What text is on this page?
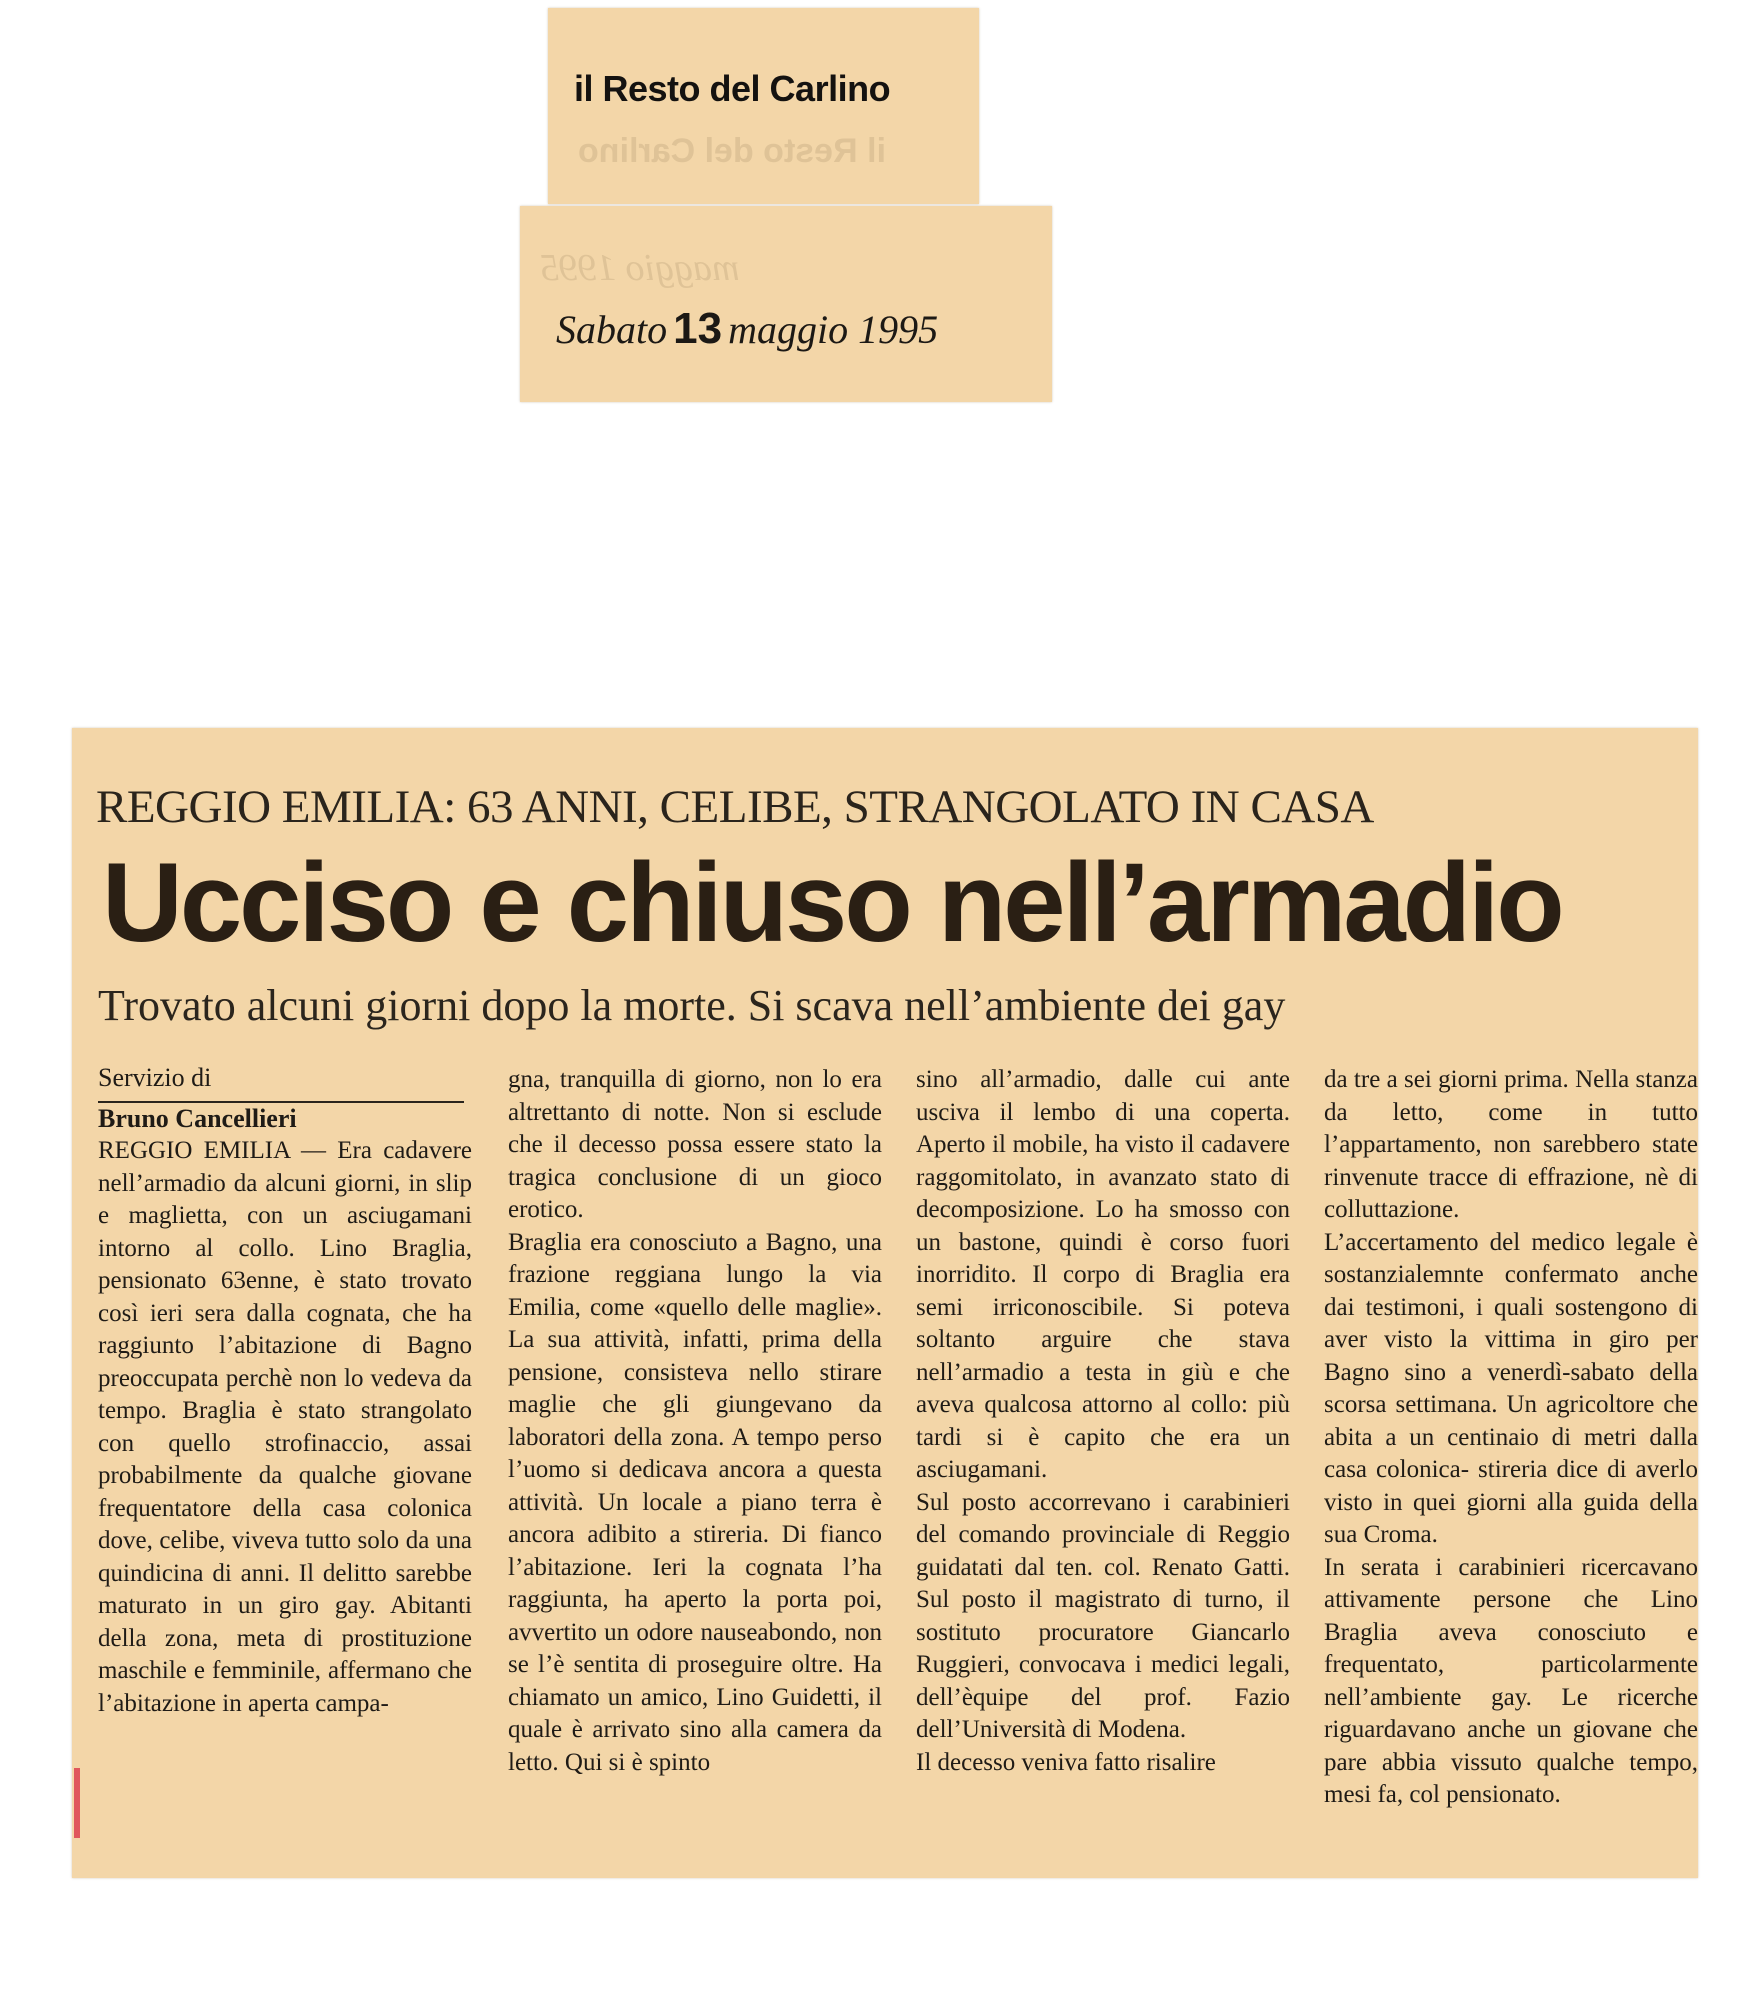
il Resto del Carlino
il Resto del Carlino
maggio 1995
Sabato 13 maggio 1995
REGGIO EMILIA: 63 ANNI, CELIBE, STRANGOLATO IN CASA
Ucciso e chiuso nell’armadio
Trovato alcuni giorni dopo la morte. Si scava nell’ambiente dei gay

Servizio di

Bruno Cancellieri

REGGIO EMILIA — Era cadavere nell’armadio da alcuni giorni, in slip e maglietta, con un asciugamani intorno al collo. Lino Braglia, pensionato 63enne, è stato trovato così ieri sera dalla cognata, che ha raggiunto l’abitazione di Bagno preoccupata perchè non lo vedeva da tempo. Braglia è stato strangolato con quello strofinaccio, assai probabilmente da qualche giovane frequentatore della casa colonica dove, celibe, viveva tutto solo da una quindicina di anni. Il delitto sarebbe maturato in un giro gay. Abitanti della zona, meta di prostituzione maschile e femminile, affermano che l’abitazione in aperta campa-

gna, tranquilla di giorno, non lo era altrettanto di notte. Non si esclude che il decesso possa essere stato la tragica conclusione di un gioco erotico.

Braglia era conosciuto a Bagno, una frazione reggiana lungo la via Emilia, come «quello delle maglie». La sua attività, infatti, prima della pensione, consisteva nello stirare maglie che gli giungevano da laboratori della zona. A tempo perso l’uomo si dedicava ancora a questa attività. Un locale a piano terra è ancora adibito a stireria. Di fianco l’abitazione. Ieri la cognata l’ha raggiunta, ha aperto la porta poi, avvertito un odore nauseabondo, non se l’è sentita di proseguire oltre. Ha chiamato un amico, Lino Guidetti, il quale è arrivato sino alla camera da letto. Qui si è spinto

sino all’armadio, dalle cui ante usciva il lembo di una coperta. Aperto il mobile, ha visto il cadavere raggomitolato, in avanzato stato di decomposizione. Lo ha smosso con un bastone, quindi è corso fuori inorridito. Il corpo di Braglia era semi irriconoscibile. Si poteva soltanto arguire che stava nell’armadio a testa in giù e che aveva qualcosa attorno al collo: più tardi si è capito che era un asciugamani.

Sul posto accorrevano i carabinieri del comando provinciale di Reggio guidatati dal ten. col. Renato Gatti. Sul posto il magistrato di turno, il sostituto procuratore Giancarlo Ruggieri, convocava i medici legali, dell’èquipe del prof. Fazio dell’Università di Modena.

Il decesso veniva fatto risalire

da tre a sei giorni prima. Nella stanza da letto, come in tutto l’appartamento, non sarebbero state rinvenute tracce di effrazione, nè di colluttazione.

L’accertamento del medico legale è sostanzialemnte confermato anche dai testimoni, i quali sostengono di aver visto la vittima in giro per Bagno sino a venerdì-sabato della scorsa settimana. Un agricoltore che abita a un centinaio di metri dalla casa colonica- stireria dice di averlo visto in quei giorni alla guida della sua Croma.

In serata i carabinieri ricercavano attivamente persone che Lino Braglia aveva conosciuto e frequentato, particolarmente nell’ambiente gay. Le ricerche riguardavano anche un giovane che pare abbia vissuto qualche tempo, mesi fa, col pensionato.
